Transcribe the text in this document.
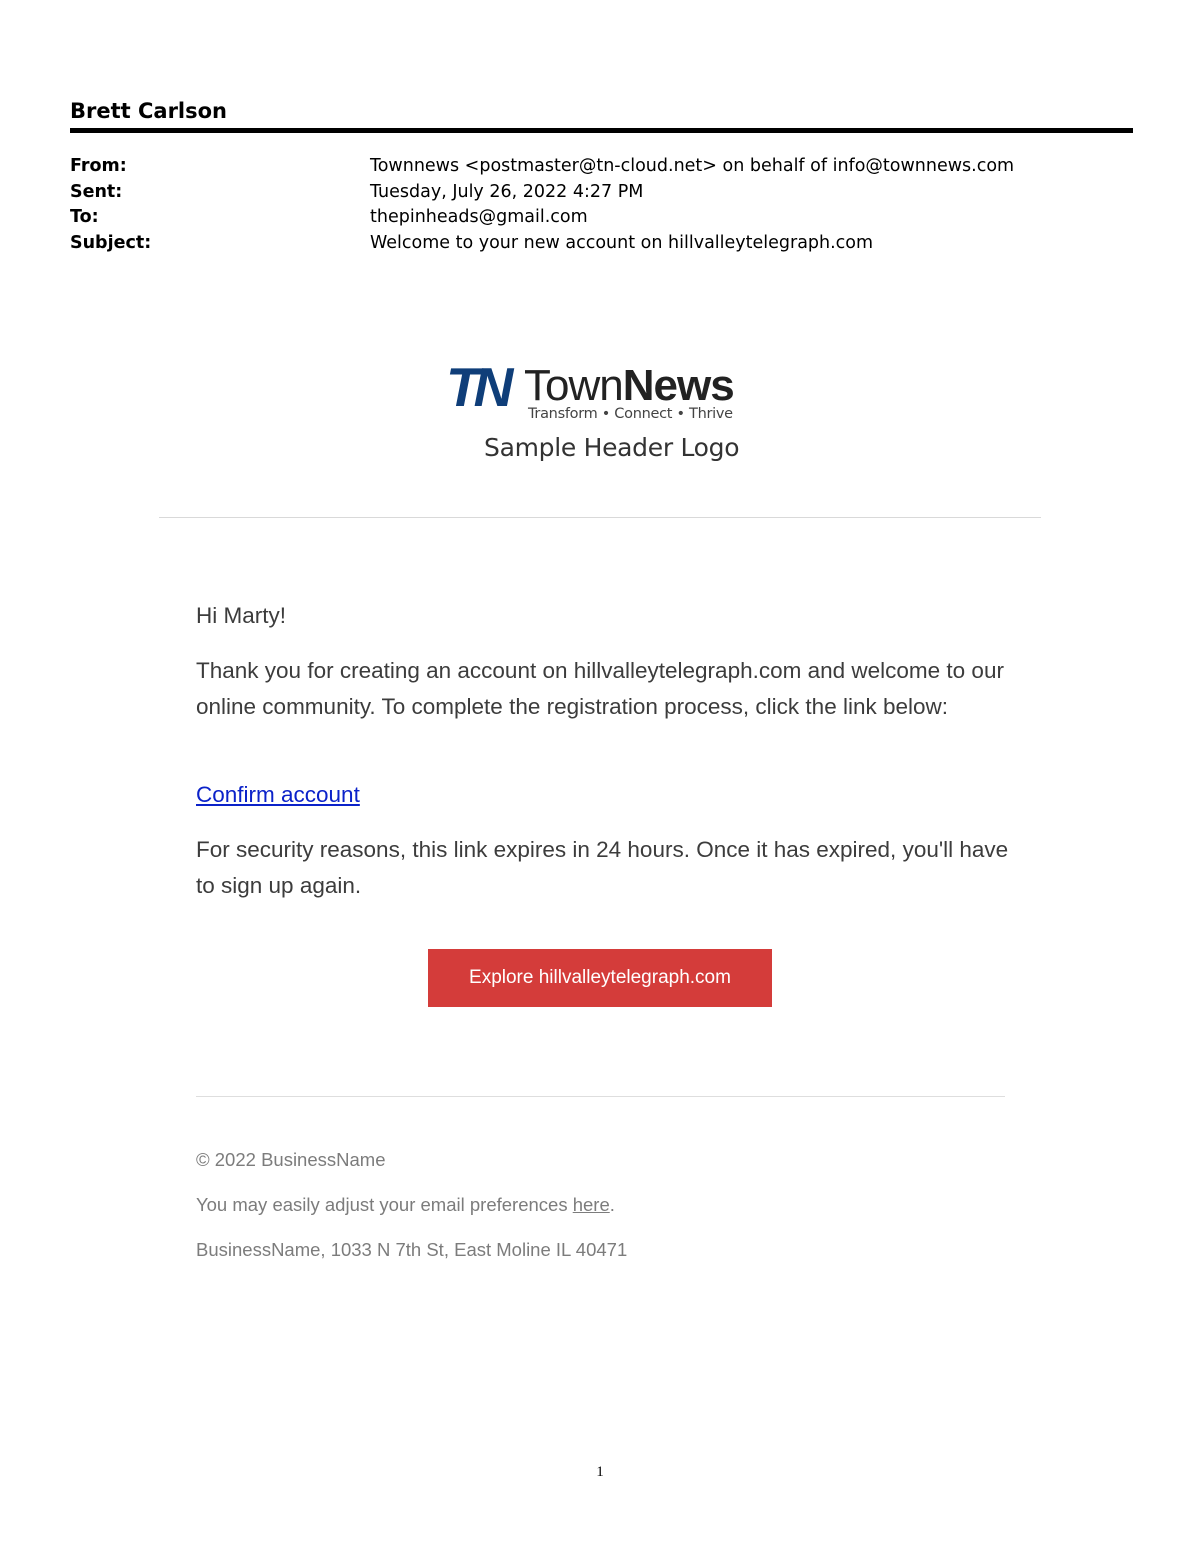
Brett Carlson
From:	Townnews <postmaster@tn-cloud.net> on behalf of info@townnews.com
Sent:	Tuesday, July 26, 2022 4:27 PM
To:	thepinheads@gmail.com
Subject:	Welcome to your new account on hillvalleytelegraph.com
TN TownNews
Transform • Connect • Thrive
Sample Header Logo
Hi Marty!
Thank you for creating an account on hillvalleytelegraph.com and welcome to our online community. To complete the registration process, click the link below:
Confirm account
For security reasons, this link expires in 24 hours. Once it has expired, you'll have to sign up again.
Explore hillvalleytelegraph.com
© 2022 BusinessName
You may easily adjust your email preferences here.
BusinessName, 1033 N 7th St, East Moline IL 40471
1
